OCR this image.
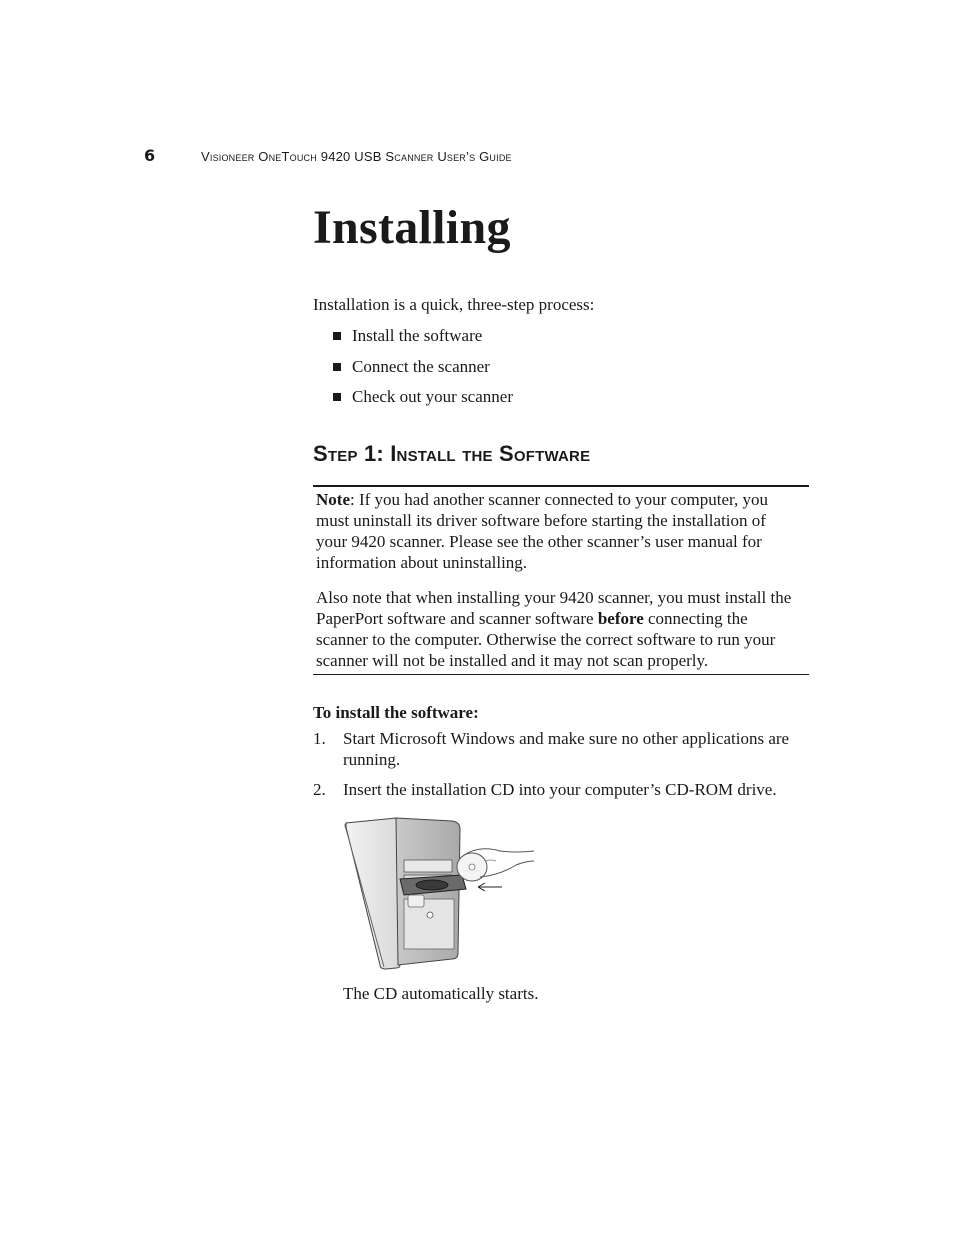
6	Visioneer OneTouch 9420 USB Scanner User’s Guide
Installing
Installation is a quick, three-step process:
Install the software
Connect the scanner
Check out your scanner
Step 1: Install the Software

Note: If you had another scanner connected to your computer, you must uninstall its driver software before starting the installation of your 9420 scanner. Please see the other scanner’s user manual for information about uninstalling.

Also note that when installing your 9420 scanner, you must install the PaperPort software and scanner software before connecting the scanner to the computer. Otherwise the correct software to run your scanner will not be installed and it may not scan properly.

To install the software:
1. Start Microsoft Windows and make sure no other applications are running.
2. Insert the installation CD into your computer’s CD-ROM drive.
The CD automatically starts.
